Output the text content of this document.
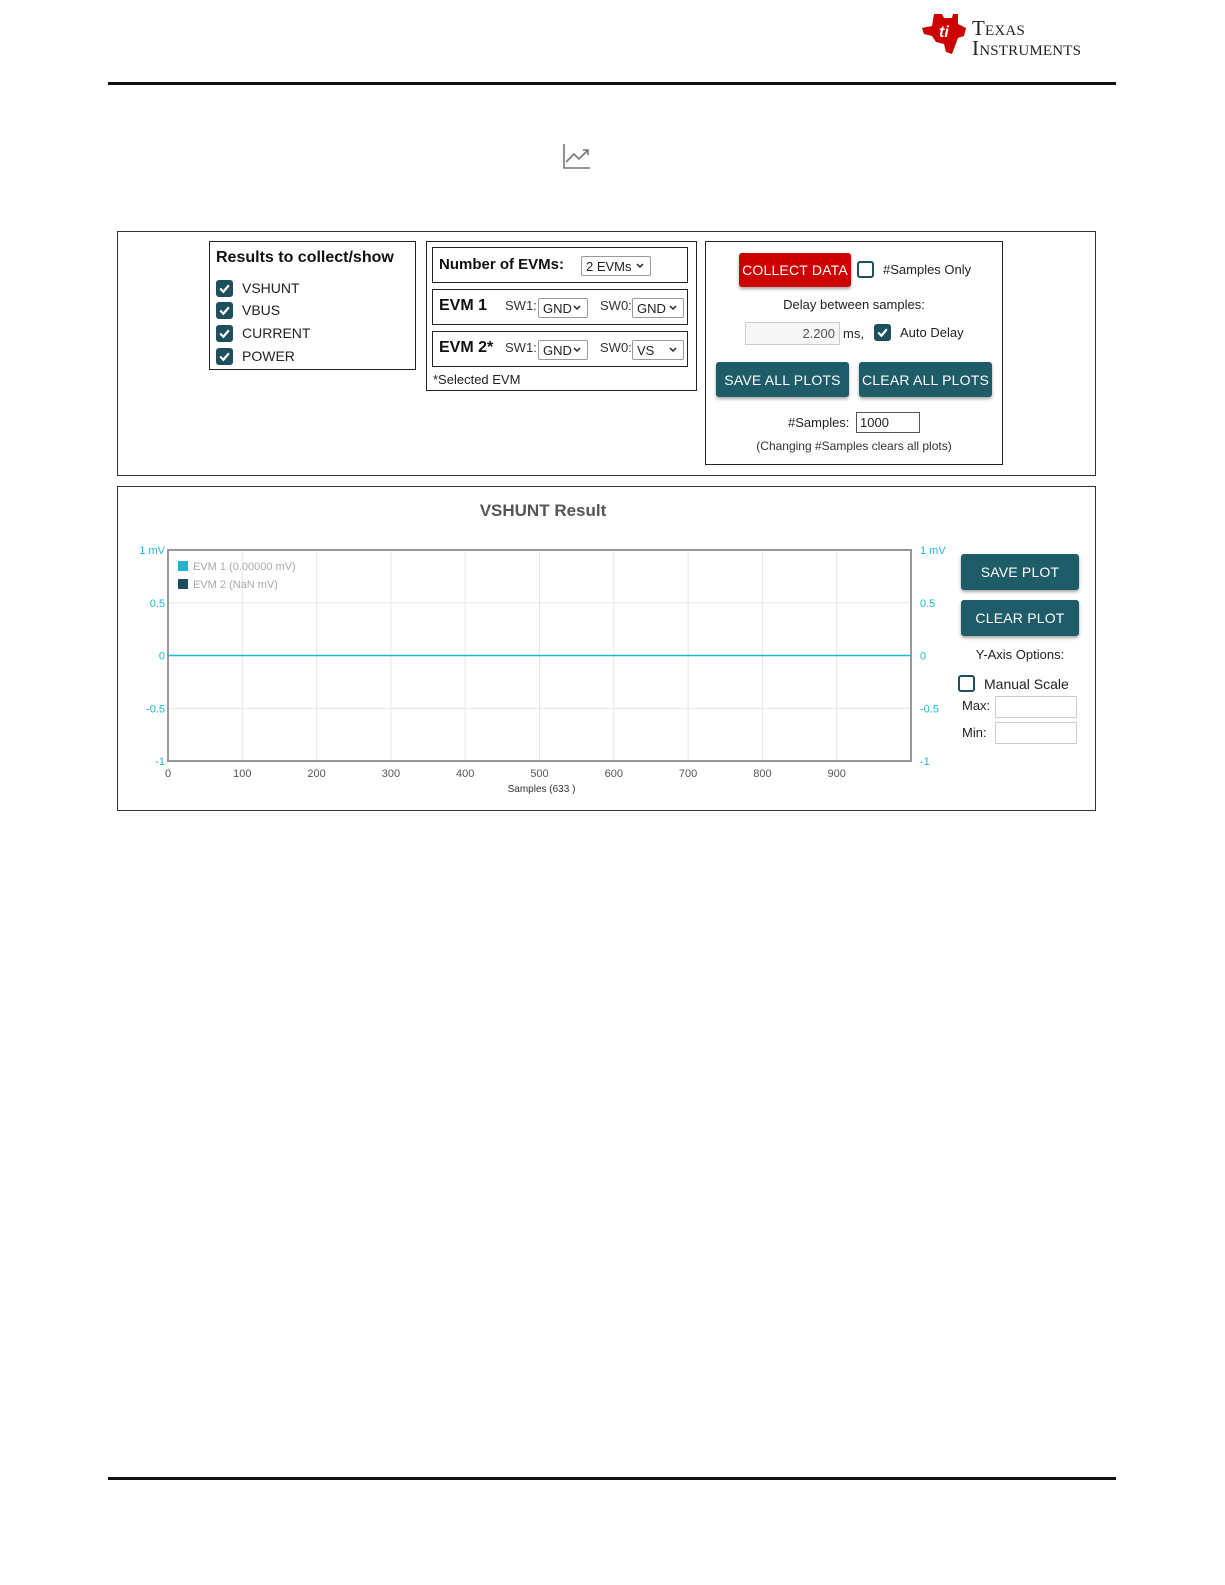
ti Texas
Instruments
Results to collect/show
VSHUNT
VBUS
CURRENT
POWER
Number of EVMs: 2 EVMs
EVM 1 SW1: GND SW0: GND
EVM 2* SW1: GND SW0: VS
*Selected EVM
COLLECT DATA	#Samples Only
Delay between samples:
2.200 ms,	Auto Delay
SAVE ALL PLOTS	CLEAR ALL PLOTS
#Samples: 1000
(Changing #Samples clears all plots)
VSHUNT Result
0	100	200	300	400	500	600	700	800	900
1 mV	1 mV
0.5	0.5
0	0
-0.5	-0.5
-1	-1
Samples (633 )
EVM 1 (0.00000 mV)
EVM 2 (NaN mV)
SAVE PLOT
CLEAR PLOT
Y-Axis Options:
Manual Scale
Max:
Min:
